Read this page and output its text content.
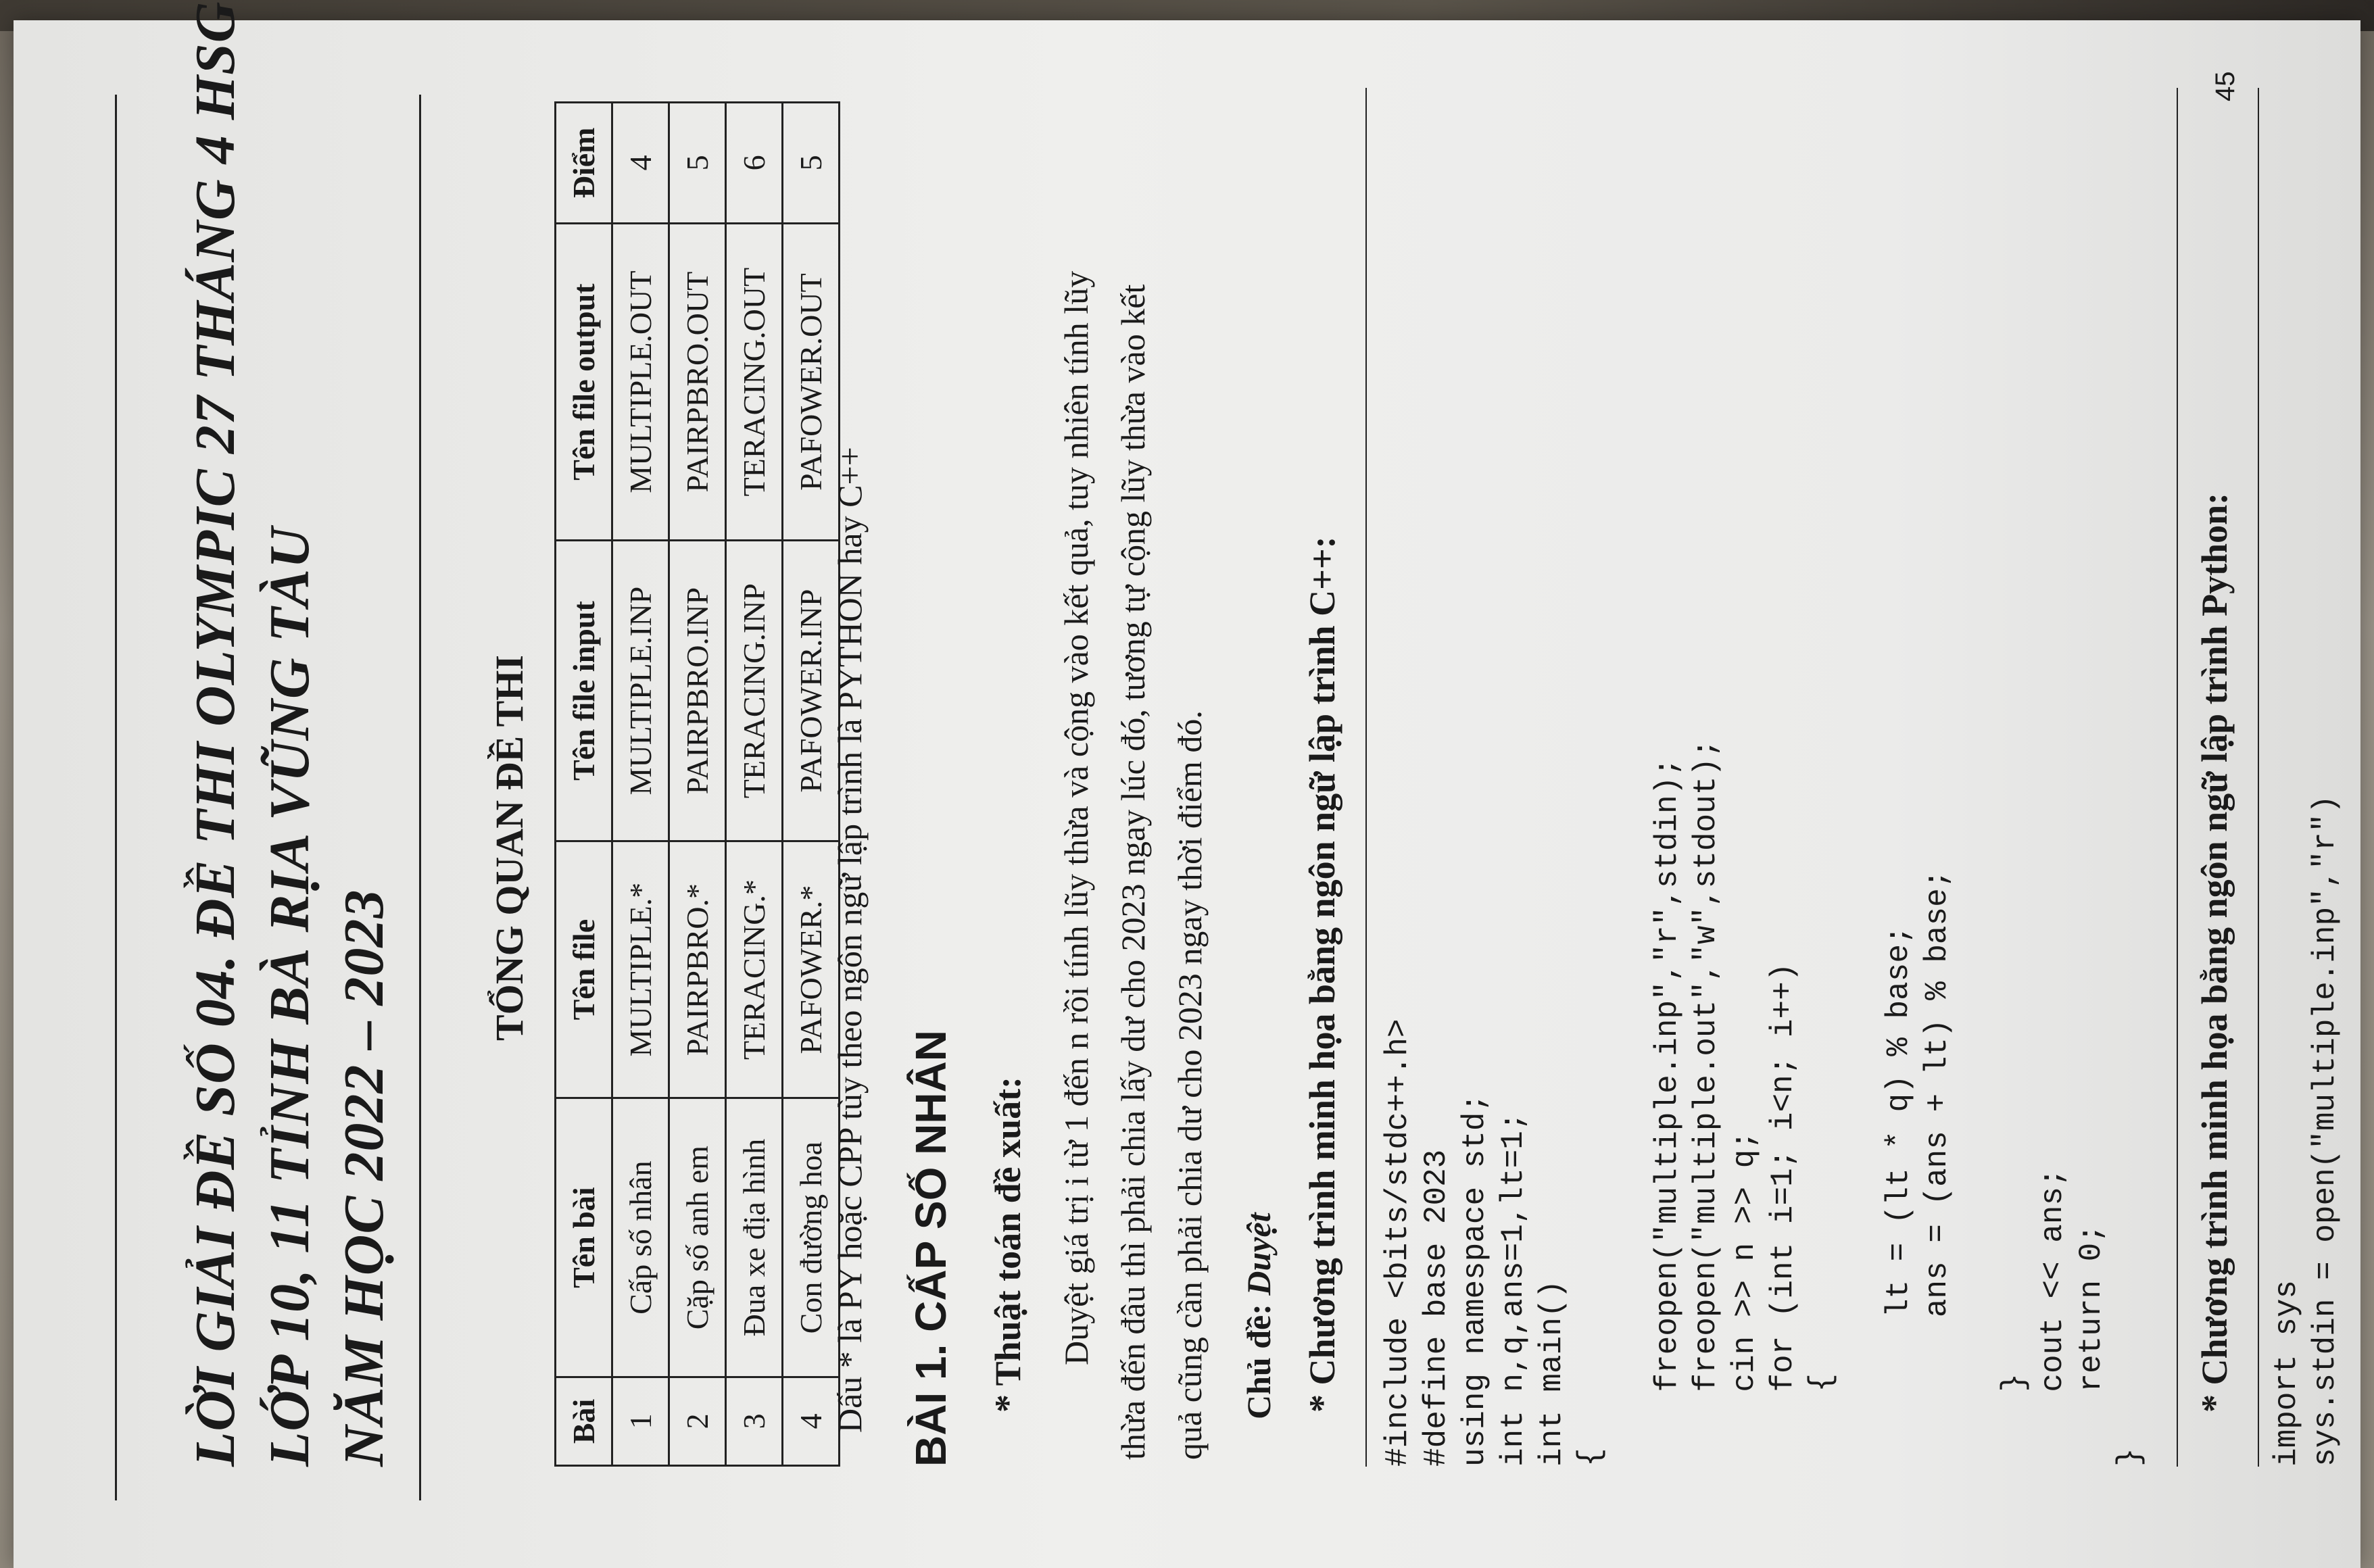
LỜI GIẢI ĐỀ SỐ 04. ĐỀ THI OLYMPIC 27 THÁNG 4 HSG LỚP 10, 11 TỈNH BÀ RỊA VŨNG TÀU NĂM HỌC 2022 – 2023
TỔNG QUAN ĐỀ THI
Bài	Tên bài	Tên file	Tên file input	Tên file output	Điểm
1	Cấp số nhân	MULTIPLE.*	MULTIPLE.INP	MULTIPLE.OUT	4
2	Cặp số anh em	PAIRPBRO.*	PAIRPBRO.INP	PAIRPBRO.OUT	5
3	Đua xe địa hình	TERACING.*	TERACING.INP	TERACING.OUT	6
4	Con đường hoa	PAFOWER.*	PAFOWER.INP	PAFOWER.OUT	5
Dấu * là PY hoặc CPP tùy theo ngôn ngữ lập trình là PYTHON hay C++ BÀI 1. CẤP SỐ NHÂN * Thuật toán đề xuất: Duyệt giá trị i từ 1 đến n rồi tính lũy thừa và cộng vào kết quả, tuy nhiên tính lũy thừa đến đâu thì phải chia lấy dư cho 2023 ngay lúc đó, tương tự cộng lũy thừa vào kết quả cũng cần phải chia dư cho 2023 ngay thời điểm đó. Chủ đề: Duyệt * Chương trình minh họa bằng ngôn ngữ lập trình C++: #include <bits/stdc++.h>
#define base 2023
using namespace std;
int n,q,ans=1,lt=1;
int main()
{

freopen("multiple.inp","r",stdin);
freopen("multiple.out","w",stdout);
cin >> n >> q;
for (int i=1; i<n; i++)
{

lt = (lt * q) % base;
ans = (ans + lt) % base;

}
cout << ans;
return 0;
}
* Chương trình minh họa bằng ngôn ngữ lập trình Python: import sys
sys.stdin = open("multiple.inp","r")
45
